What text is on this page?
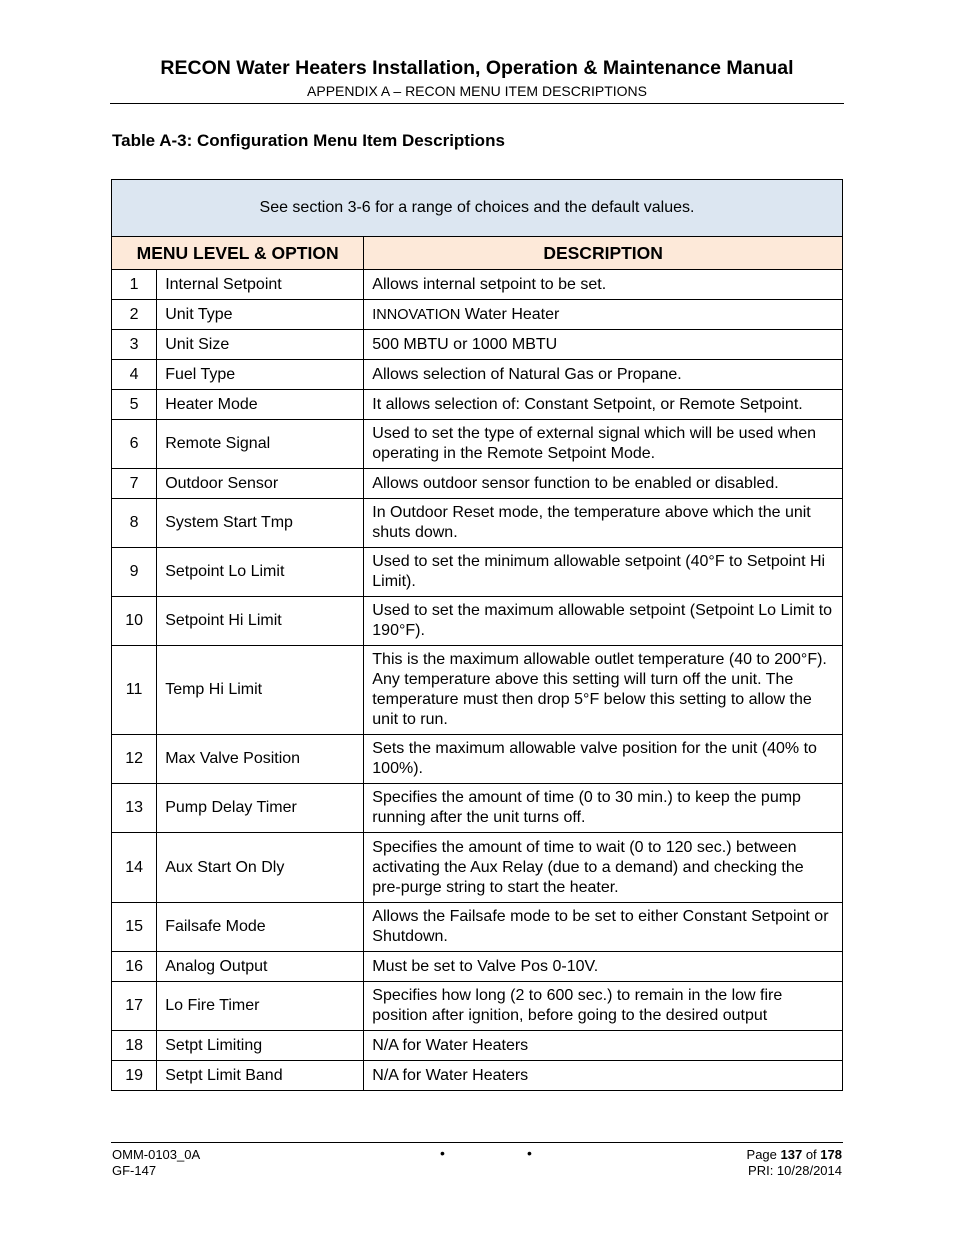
RECON Water Heaters Installation, Operation & Maintenance Manual
APPENDIX A – RECON MENU ITEM DESCRIPTIONS
Table A-3: Configuration Menu Item Descriptions
See section 3-6 for a range of choices and the default values.		
MENU LEVEL & OPTION		DESCRIPTION
1	Internal Setpoint	Allows internal setpoint to be set.
2	Unit Type	INNOVATION Water Heater
3	Unit Size	500 MBTU or 1000 MBTU
4	Fuel Type	Allows selection of Natural Gas or Propane.
5	Heater Mode	It allows selection of: Constant Setpoint, or Remote Setpoint.
6	Remote Signal	Used to set the type of external signal which will be used when operating in the Remote Setpoint Mode.
7	Outdoor Sensor	Allows outdoor sensor function to be enabled or disabled.
8	System Start Tmp	In Outdoor Reset mode, the temperature above which the unit shuts down.
9	Setpoint Lo Limit	Used to set the minimum allowable setpoint (40°F to Setpoint Hi Limit).
10	Setpoint Hi Limit	Used to set the maximum allowable setpoint (Setpoint Lo Limit to 190°F).
11	Temp Hi Limit	This is the maximum allowable outlet temperature (40 to 200°F). Any temperature above this setting will turn off the unit. The temperature must then drop 5°F below this setting to allow the unit to run.
12	Max Valve Position	Sets the maximum allowable valve position for the unit (40% to 100%).
13	Pump Delay Timer	Specifies the amount of time (0 to 30 min.) to keep the pump running after the unit turns off.
14	Aux Start On Dly	Specifies the amount of time to wait (0 to 120 sec.) between activating the Aux Relay (due to a demand) and checking the pre-purge string to start the heater.
15	Failsafe Mode	Allows the Failsafe mode to be set to either Constant Setpoint or Shutdown.
16	Analog Output	Must be set to Valve Pos 0-10V.
17	Lo Fire Timer	Specifies how long (2 to 600 sec.) to remain in the low fire position after ignition, before going to the desired output
18	Setpt Limiting	N/A for Water Heaters
19	Setpt Limit Band	N/A for Water Heaters
OMM-0103_0A
GF-147
•	•	Page 137 of 178
PRI: 10/28/2014
